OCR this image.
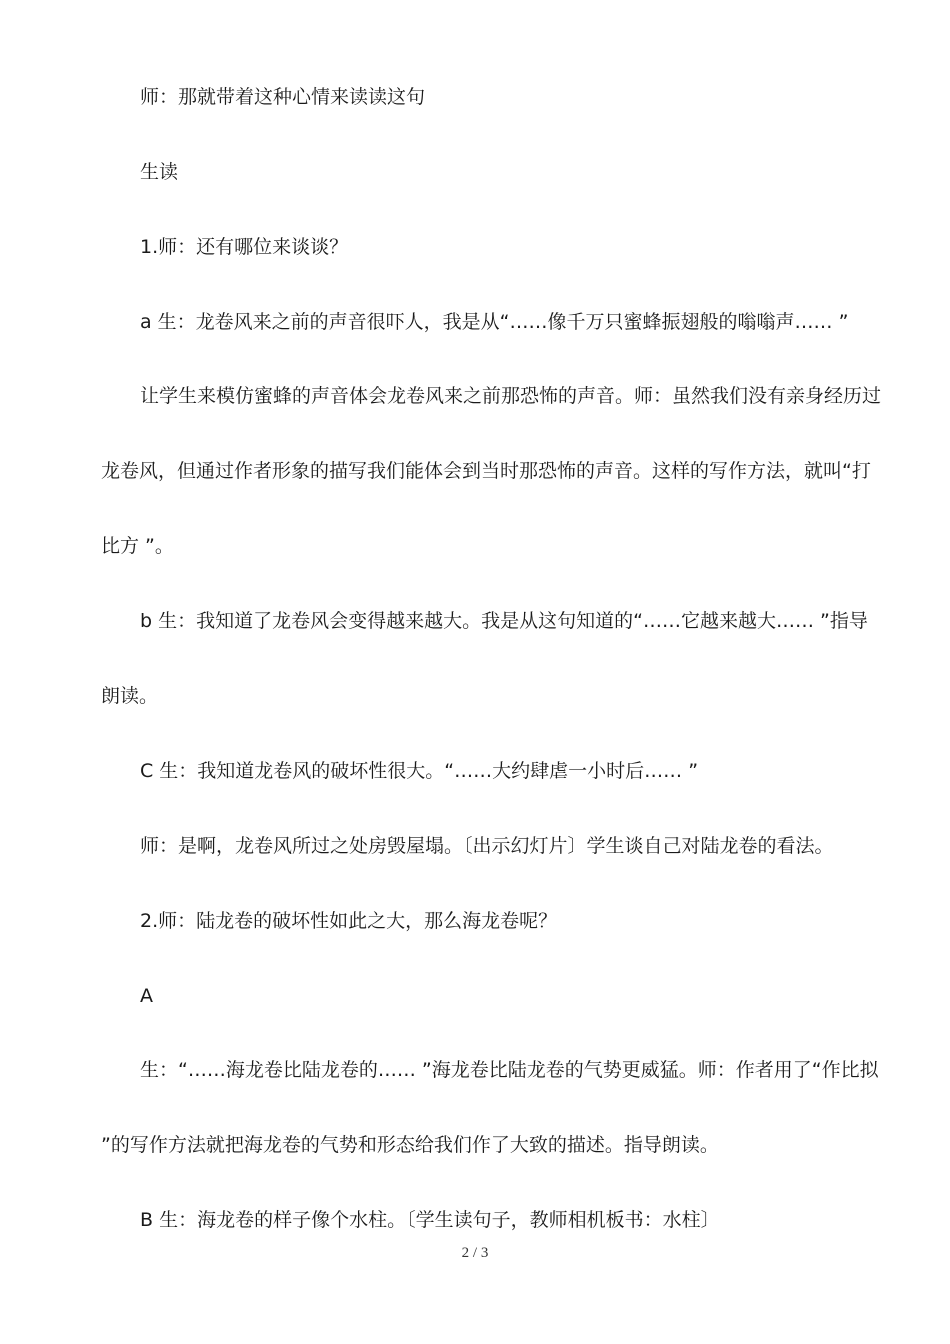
师：那就带着这种心情来读读这句

生读

1.师：还有哪位来谈谈？

a 生：龙卷风来之前的声音很吓人，我是从“……像千万只蜜蜂振翅般的嗡嗡声…… ”

让学生来模仿蜜蜂的声音体会龙卷风来之前那恐怖的声音。师：虽然我们没有亲身经历过龙卷风，但通过作者形象的描写我们能体会到当时那恐怖的声音。这样的写作方法，就叫“打比方 ”。

b 生：我知道了龙卷风会变得越来越大。我是从这句知道的“……它越来越大…… ”指导朗读。

C 生：我知道龙卷风的破坏性很大。“……大约肆虐一小时后…… ”

师：是啊，龙卷风所过之处房毁屋塌。〔出示幻灯片〕学生谈自己对陆龙卷的看法。

2.师：陆龙卷的破坏性如此之大，那么海龙卷呢？

A

生：“……海龙卷比陆龙卷的…… ”海龙卷比陆龙卷的气势更威猛。师：作者用了“作比拟 ”的写作方法就把海龙卷的气势和形态给我们作了大致的描述。指导朗读。

B 生：海龙卷的样子像个水柱。〔学生读句子，教师相机板书：水柱〕

2 / 3
